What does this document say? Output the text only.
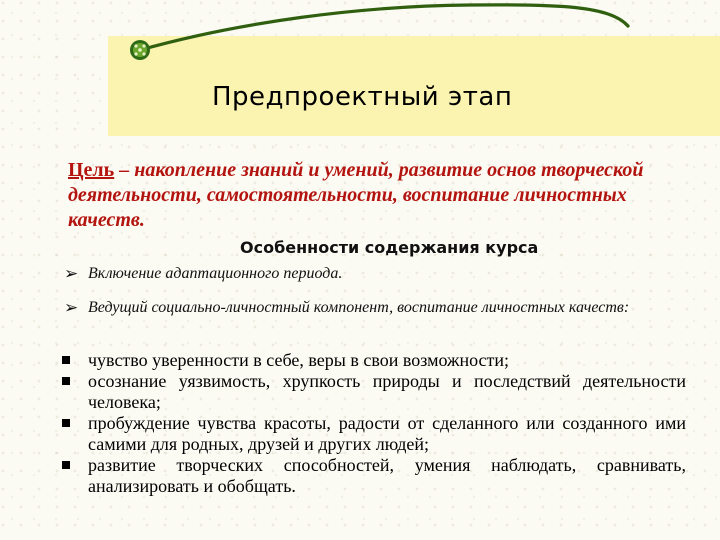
Предпроектный этап
Цель – накопление знаний и умений, развитие основ творческой деятельности, самостоятельности, воспитание личностных качеств.
Особенности содержания курса
➢ Включение адаптационного периода.
➢ Ведущий социально-личностный компонент, воспитание личностных качеств:
чувство уверенности в себе, веры в свои возможности;
осознание уязвимость, хрупкость природы и последствий деятельности человека;
пробуждение чувства красоты, радости от сделанного или созданного ими самими для родных, друзей и других людей;
развитие творческих способностей, умения наблюдать, сравнивать, анализировать и обобщать.
